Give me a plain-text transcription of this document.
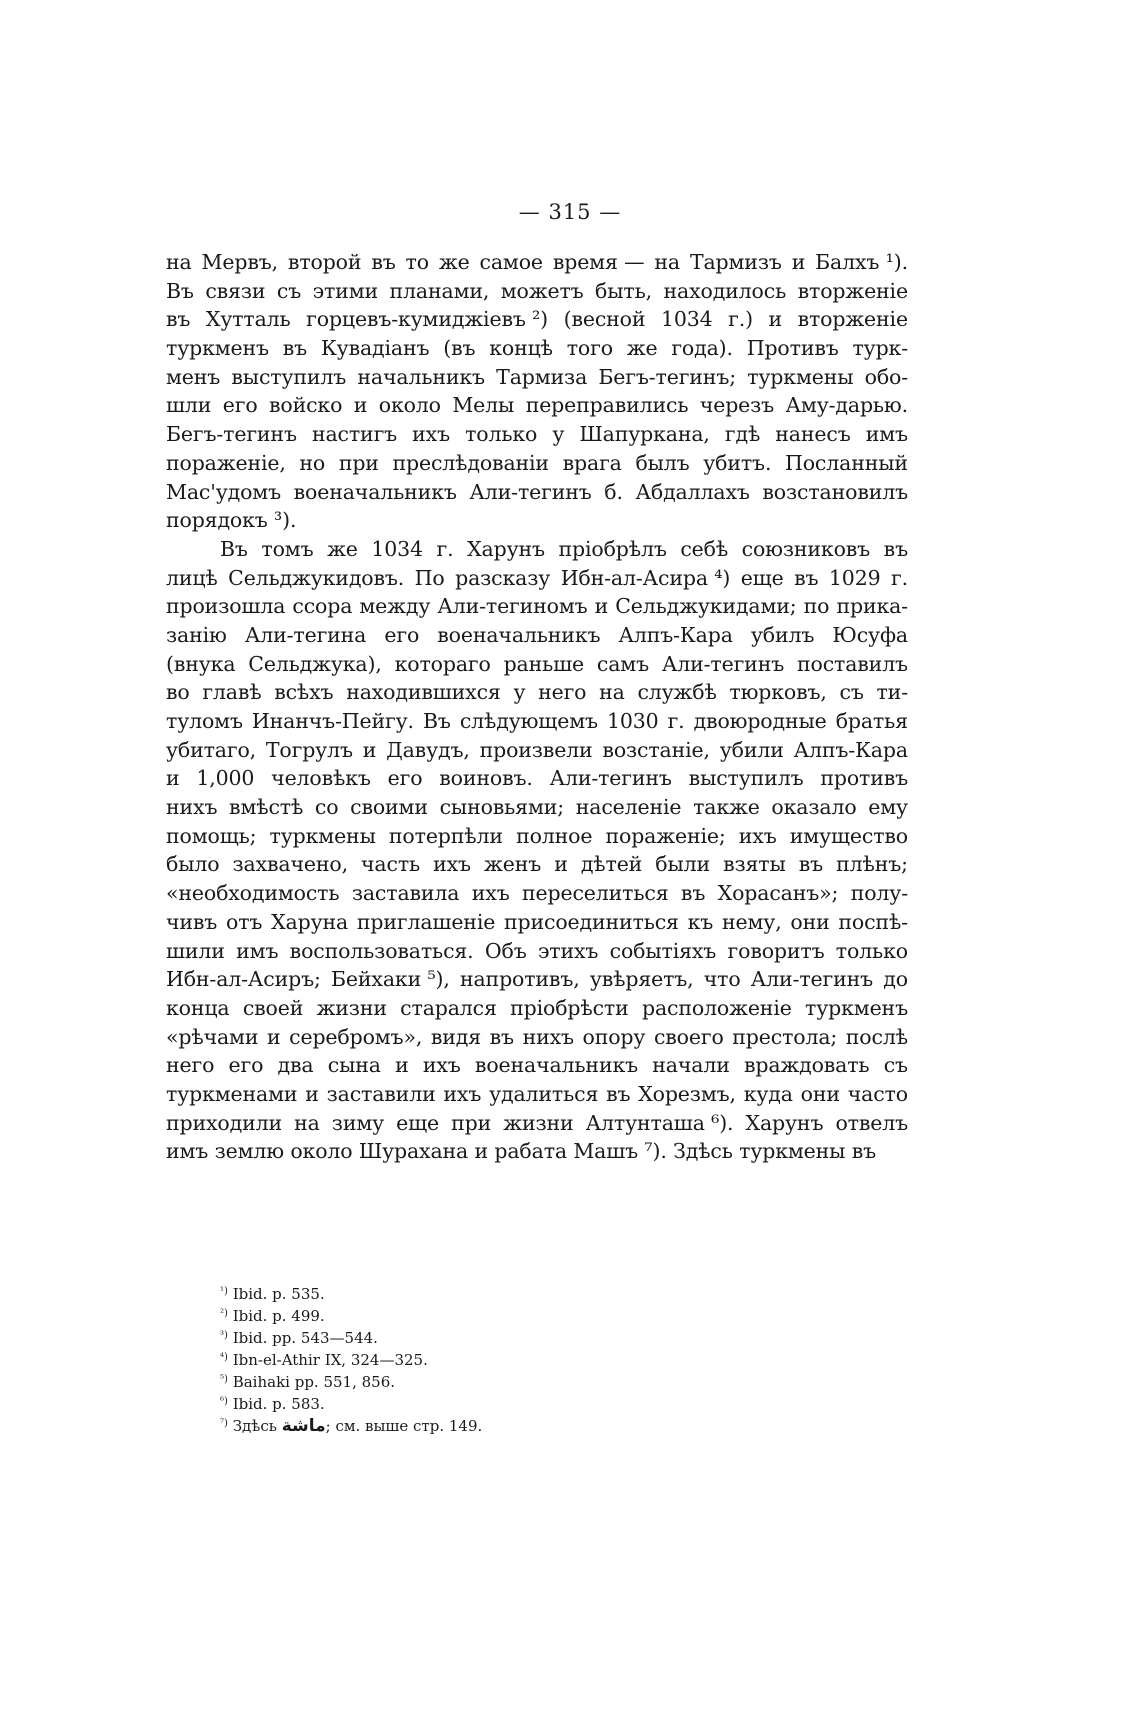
— 315 —
на Мервъ, второй въ то же самое время — на Тармизъ и Балхъ ¹).
Въ связи съ этими планами, можетъ быть, находилось вторженіе
въ Хутталь горцевъ-кумиджіевъ ²) (весной 1034 г.) и вторженіе
туркменъ въ Кувадіанъ (въ концѣ того же года). Противъ турк-
менъ выступилъ начальникъ Тармиза Бегъ-тегинъ; туркмены обо-
шли его войско и около Мелы переправились черезъ Аму-дарью.
Бегъ-тегинъ настигъ ихъ только у Шапуркана, гдѣ нанесъ имъ
пораженіе, но при преслѣдованіи врага былъ убитъ. Посланный
Мас'удомъ военачальникъ Али-тегинъ б. Абдаллахъ возстановилъ
порядокъ ³).
Въ томъ же 1034 г. Харунъ пріобрѣлъ себѣ союзниковъ въ
лицѣ Сельджукидовъ. По разсказу Ибн-ал-Асира ⁴) еще въ 1029 г.
произошла ссора между Али-тегиномъ и Сельджукидами; по прика-
занію Али-тегина его военачальникъ Алпъ-Кара убилъ Юсуфа
(внука Сельджука), котораго раньше самъ Али-тегинъ поставилъ
во главѣ всѣхъ находившихся у него на службѣ тюрковъ, съ ти-
туломъ Инанчъ-Пейгу. Въ слѣдующемъ 1030 г. двоюродные братья
убитаго, Тогрулъ и Давудъ, произвели возстаніе, убили Алпъ-Кара
и 1,000 человѣкъ его воиновъ. Али-тегинъ выступилъ противъ
нихъ вмѣстѣ со своими сыновьями; населеніе также оказало ему
помощь; туркмены потерпѣли полное пораженіе; ихъ имущество
было захвачено, часть ихъ женъ и дѣтей были взяты въ плѣнъ;
«необходимость заставила ихъ переселиться въ Хорасанъ»; полу-
чивъ отъ Харуна приглашеніе присоединиться къ нему, они поспѣ-
шили имъ воспользоваться. Объ этихъ событіяхъ говоритъ только
Ибн-ал-Асиръ; Бейхаки ⁵), напротивъ, увѣряетъ, что Али-тегинъ до
конца своей жизни старался пріобрѣсти расположеніе туркменъ
«рѣчами и серебромъ», видя въ нихъ опору своего престола; послѣ
него его два сына и ихъ военачальникъ начали враждовать съ
туркменами и заставили ихъ удалиться въ Хорезмъ, куда они часто
приходили на зиму еще при жизни Алтунташа ⁶). Харунъ отвелъ
имъ
землю
около
Шурахана
и
рабата
Машъ ⁷).
Здѣсь
туркмены
въ
$^{^1)}$ Ibid. p. 535.
$^{^2)}$ Ibid. p. 499.
$^{^3)}$ Ibid. pp. 543—544.
$^{^4)}$ Ibn-el-Athir IX, 324—325.
$^{^5)}$ Baihaki pp. 551, 856.
$^{^6)}$ Ibid. p. 583.
$^{^7)}$ Здѣсь ماشة; см. выше стр. 149.
